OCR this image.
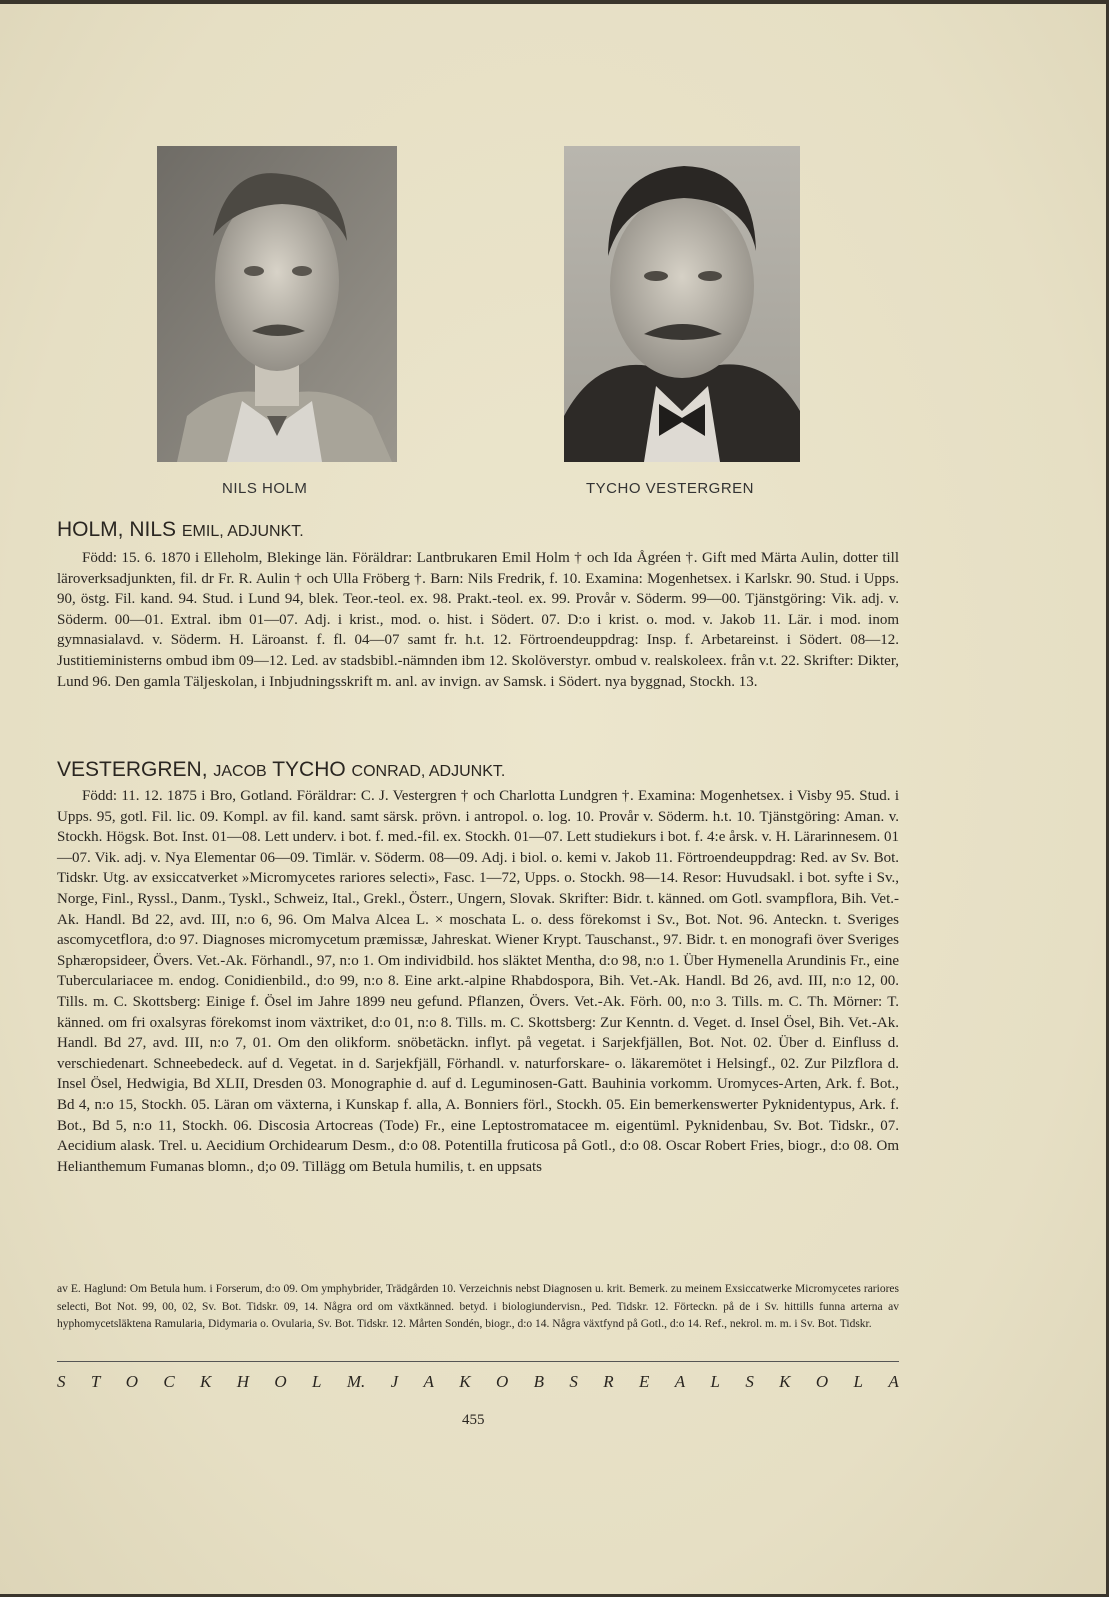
NILS HOLM	TYCHO VESTERGREN
HOLM, NILS EMIL, ADJUNKT.

Född: 15. 6. 1870 i Elleholm, Blekinge län. Föräldrar: Lantbrukaren Emil Holm † och Ida Ågréen †. Gift med Märta Aulin, dotter till läroverksadjunkten, fil. dr Fr. R. Aulin † och Ulla Fröberg †. Barn: Nils Fredrik, f. 10. Examina: Mogenhetsex. i Karlskr. 90. Stud. i Upps. 90, östg. Fil. kand. 94. Stud. i Lund 94, blek. Teor.-teol. ex. 98. Prakt.-teol. ex. 99. Provår v. Söderm. 99—00. Tjänstgöring: Vik. adj. v. Söderm. 00—01. Extral. ibm 01—07. Adj. i krist., mod. o. hist. i Södert. 07. D:o i krist. o. mod. v. Jakob 11. Lär. i mod. inom gymnasialavd. v. Söderm. H. Läroanst. f. fl. 04—07 samt fr. h.t. 12. Förtroendeuppdrag: Insp. f. Arbetareinst. i Södert. 08—12. Justitieministerns ombud ibm 09—12. Led. av stadsbibl.-nämnden ibm 12. Skolöverstyr. ombud v. realskoleex. från v.t. 22. Skrifter: Dikter, Lund 96. Den gamla Täljeskolan, i Inbjudningsskrift m. anl. av invign. av Samsk. i Södert. nya byggnad, Stockh. 13.

VESTERGREN, JACOB TYCHO CONRAD, ADJUNKT.

Född: 11. 12. 1875 i Bro, Gotland. Föräldrar: C. J. Vestergren † och Charlotta Lundgren †. Examina: Mogenhetsex. i Visby 95. Stud. i Upps. 95, gotl. Fil. lic. 09. Kompl. av fil. kand. samt särsk. prövn. i antropol. o. log. 10. Provår v. Söderm. h.t. 10. Tjänstgöring: Aman. v. Stockh. Högsk. Bot. Inst. 01—08. Lett underv. i bot. f. med.-fil. ex. Stockh. 01—07. Lett studiekurs i bot. f. 4:e årsk. v. H. Lärarinnesem. 01—07. Vik. adj. v. Nya Elementar 06—09. Timlär. v. Söderm. 08—09. Adj. i biol. o. kemi v. Jakob 11. Förtroendeuppdrag: Red. av Sv. Bot. Tidskr. Utg. av exsiccatverket »Micromycetes rariores selecti», Fasc. 1—72, Upps. o. Stockh. 98—14. Resor: Huvudsakl. i bot. syfte i Sv., Norge, Finl., Ryssl., Danm., Tyskl., Schweiz, Ital., Grekl., Österr., Ungern, Slovak. Skrifter: Bidr. t. känned. om Gotl. svampflora, Bih. Vet.-Ak. Handl. Bd 22, avd. III, n:o 6, 96. Om Malva Alcea L. × moschata L. o. dess förekomst i Sv., Bot. Not. 96. Anteckn. t. Sveriges ascomycetflora, d:o 97. Diagnoses micromycetum præmissæ, Jahreskat. Wiener Krypt. Tauschanst., 97. Bidr. t. en monografi över Sveriges Sphæropsideer, Övers. Vet.-Ak. Förhandl., 97, n:o 1. Om individbild. hos släktet Mentha, d:o 98, n:o 1. Über Hymenella Arundinis Fr., eine Tuberculariacee m. endog. Conidienbild., d:o 99, n:o 8. Eine arkt.-alpine Rhabdospora, Bih. Vet.-Ak. Handl. Bd 26, avd. III, n:o 12, 00. Tills. m. C. Skottsberg: Einige f. Ösel im Jahre 1899 neu gefund. Pflanzen, Övers. Vet.-Ak. Förh. 00, n:o 3. Tills. m. C. Th. Mörner: T. känned. om fri oxalsyras förekomst inom växtriket, d:o 01, n:o 8. Tills. m. C. Skottsberg: Zur Kenntn. d. Veget. d. Insel Ösel, Bih. Vet.-Ak. Handl. Bd 27, avd. III, n:o 7, 01. Om den olikform. snöbetäckn. inflyt. på vegetat. i Sarjekfjällen, Bot. Not. 02. Über d. Einfluss d. verschiedenart. Schneebedeck. auf d. Vegetat. in d. Sarjekfjäll, Förhandl. v. naturforskare- o. läkaremötet i Helsingf., 02. Zur Pilzflora d. Insel Ösel, Hedwigia, Bd XLII, Dresden 03. Monographie d. auf d. Leguminosen-Gatt. Bauhinia vorkomm. Uromyces-Arten, Ark. f. Bot., Bd 4, n:o 15, Stockh. 05. Läran om växterna, i Kunskap f. alla, A. Bonniers förl., Stockh. 05. Ein bemerkenswerter Pyknidentypus, Ark. f. Bot., Bd 5, n:o 11, Stockh. 06. Discosia Artocreas (Tode) Fr., eine Leptostromatacee m. eigentüml. Pyknidenbau, Sv. Bot. Tidskr., 07. Aecidium alask. Trel. u. Aecidium Orchidearum Desm., d:o 08. Potentilla fruticosa på Gotl., d:o 08. Oscar Robert Fries, biogr., d:o 08. Om Helianthemum Fumanas blomn., d;o 09. Tillägg om Betula humilis, t. en uppsats

av E. Haglund: Om Betula hum. i Forserum, d:o 09. Om ymphybrider, Trädgården 10. Verzeichnis nebst Diagnosen u. krit. Bemerk. zu meinem Exsiccatwerke Micromycetes rariores selecti, Bot Not. 99, 00, 02, Sv. Bot. Tidskr. 09, 14. Några ord om växtkänned. betyd. i biologiundervisn., Ped. Tidskr. 12. Förteckn. på de i Sv. hittills funna arterna av hyphomycetsläktena Ramularia, Didymaria o. Ovularia, Sv. Bot. Tidskr. 12. Mårten Sondén, biogr., d:o 14. Några växtfynd på Gotl., d:o 14. Ref., nekrol. m. m. i Sv. Bot. Tidskr.

S T O C K H O L M. J A K O B S R E A L S K O L A
455
